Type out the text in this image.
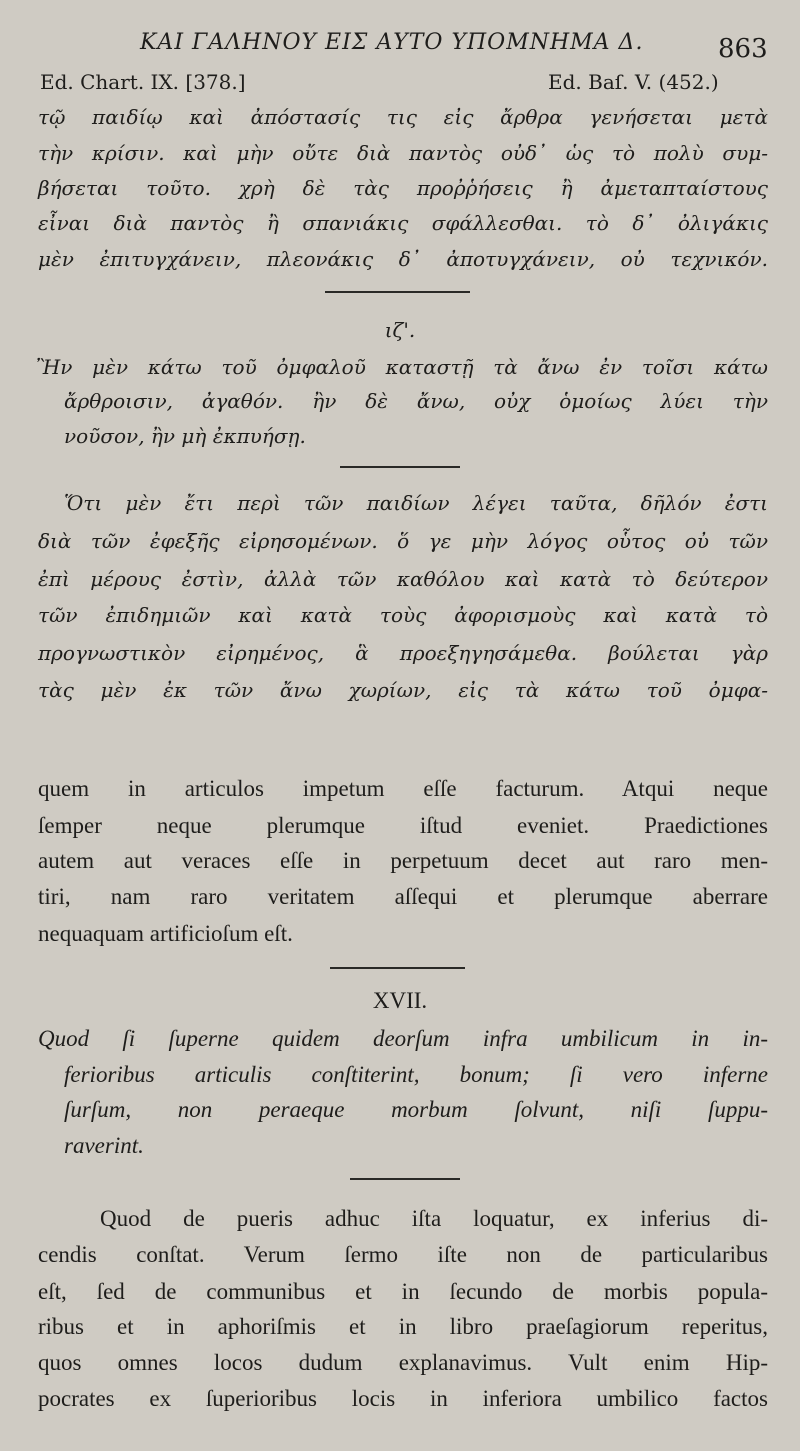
ΚΑΙ ΓΑΛΗΝΟΥ ΕΙΣ ΑΥΤΟ ΥΠΟΜΝΗΜΑ Δ.	863
Ed. Chart. IX. [378.]	Ed. Baſ. V. (452.)
τῷ παιδίῳ καὶ ἀπόστασίς τις εἰς ἄρθρα γενήσεται μετὰ
τὴν κρίσιν. καὶ μὴν οὔτε διὰ παντὸς οὐδ᾽ ὡς τὸ πολὺ συμ-
βήσεται τοῦτο. χρὴ δὲ τὰς προῤῥήσεις ἢ ἀμεταπταίστους
εἶναι διὰ παντὸς ἢ σπανιάκις σφάλλεσθαι. τὸ δ᾽ ὀλιγάκις
μὲν ἐπιτυγχάνειν, πλεονάκις δ᾽ ἀποτυγχάνειν, οὐ τεχνικόν.
ιζ'.
Ἢν μὲν κάτω τοῦ ὀμφαλοῦ καταστῇ τὰ ἄνω ἐν τοῖσι κάτω
ἄρθροισιν, ἀγαθόν. ἢν δὲ ἄνω, οὐχ ὁμοίως λύει τὴν
νοῦσον, ἢν μὴ ἐκπυήσῃ.
Ὅτι μὲν ἔτι περὶ τῶν παιδίων λέγει ταῦτα, δῆλόν ἐστι
διὰ τῶν ἐφεξῆς εἰρησομένων. ὅ γε μὴν λόγος οὗτος οὐ τῶν
ἐπὶ μέρους ἐστὶν, ἀλλὰ τῶν καθόλου καὶ κατὰ τὸ δεύτερον
τῶν ἐπιδημιῶν καὶ κατὰ τοὺς ἀφορισμοὺς καὶ κατὰ τὸ
προγνωστικὸν εἰρημένος, ἃ προεξηγησάμεθα. βούλεται γὰρ
τὰς μὲν ἐκ τῶν ἄνω χωρίων, εἰς τὰ κάτω τοῦ ὀμφα-
quem in articulos impetum eſſe facturum. Atqui neque
ſemper neque plerumque iſtud eveniet. Praedictiones
autem aut veraces eſſe in perpetuum decet aut raro men-
tiri, nam raro veritatem aſſequi et plerumque aberrare
nequaquam artificioſum eſt.
XVII.
Quod ſi ſuperne quidem deorſum infra umbilicum in in-
ferioribus articulis conſtiterint, bonum; ſi vero inferne
ſurſum, non peraeque morbum ſolvunt, niſi ſuppu-
raverint.
Quod de pueris adhuc iſta loquatur, ex inferius di-
cendis conſtat. Verum ſermo iſte non de particularibus
eſt, ſed de communibus et in ſecundo de morbis popula-
ribus et in aphoriſmis et in libro praeſagiorum reperitus,
quos omnes locos dudum explanavimus. Vult enim Hip-
pocrates ex ſuperioribus locis in inferiora umbilico factos
